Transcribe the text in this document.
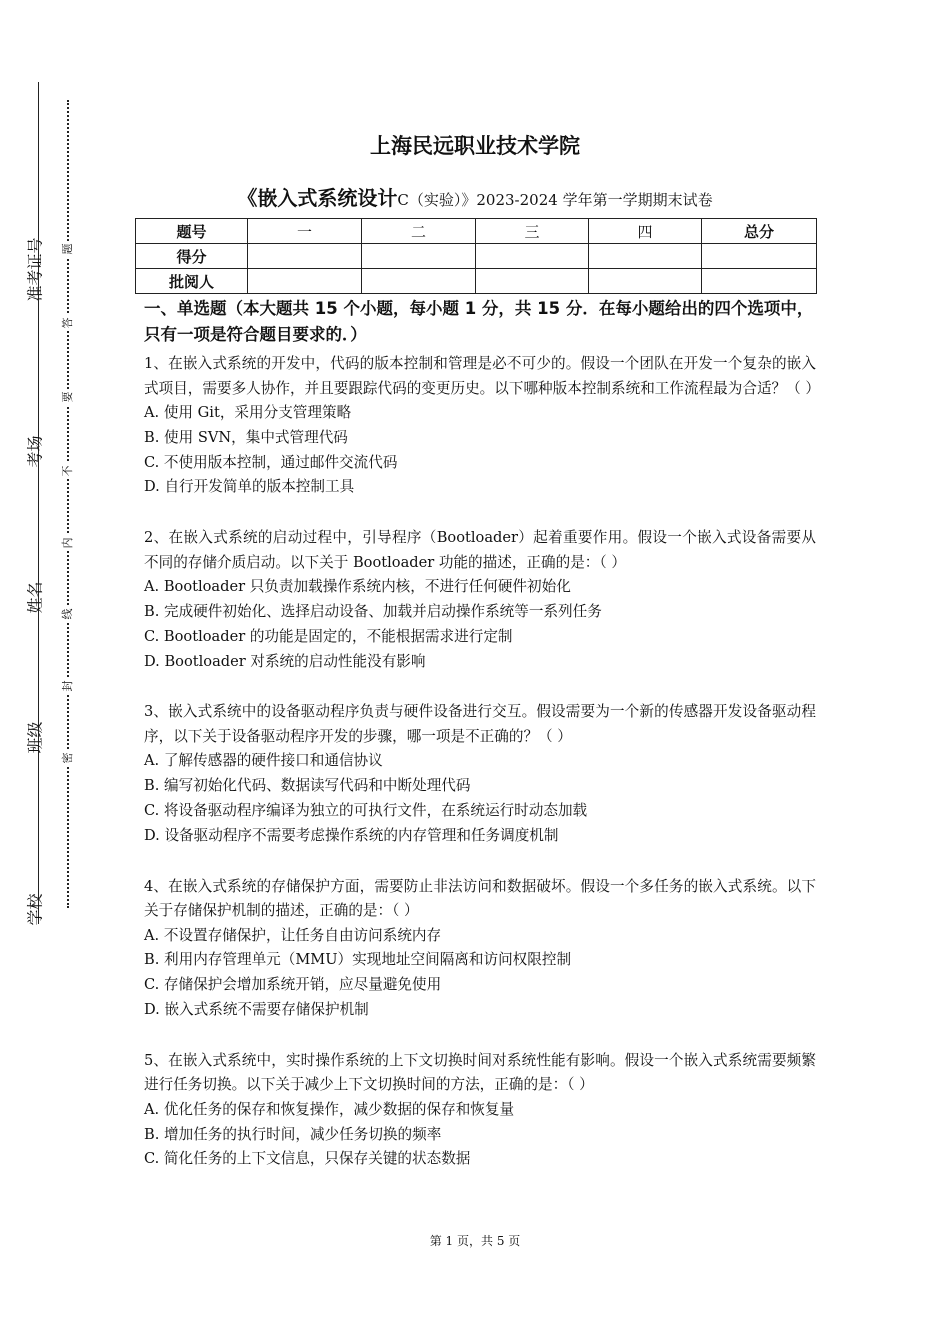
准考证号
考场
姓名
班级
学校
题
答
要
不
内
线
封
密
上海民远职业技术学院
《嵌入式系统设计C（实验）》2023-2024 学年第一学期期末试卷
题号	一	二	三	四	总分
得分					
批阅人					

一、单选题（本大题共 15 个小题，每小题 1 分，共 15 分．在每小题给出的四个选项中，只有一项是符合题目要求的．）

1、在嵌入式系统的开发中，代码的版本控制和管理是必不可少的。假设一个团队在开发一个复杂的嵌入式项目，需要多人协作，并且要跟踪代码的变更历史。以下哪种版本控制系统和工作流程最为合适？（ ）

A. 使用 Git，采用分支管理策略

B. 使用 SVN，集中式管理代码

C. 不使用版本控制，通过邮件交流代码

D. 自行开发简单的版本控制工具

2、在嵌入式系统的启动过程中，引导程序（Bootloader）起着重要作用。假设一个嵌入式设备需要从不同的存储介质启动。以下关于 Bootloader 功能的描述，正确的是：（ ）

A. Bootloader 只负责加载操作系统内核，不进行任何硬件初始化

B. 完成硬件初始化、选择启动设备、加载并启动操作系统等一系列任务

C. Bootloader 的功能是固定的，不能根据需求进行定制

D. Bootloader 对系统的启动性能没有影响

3、嵌入式系统中的设备驱动程序负责与硬件设备进行交互。假设需要为一个新的传感器开发设备驱动程序，以下关于设备驱动程序开发的步骤，哪一项是不正确的？（ ）

A. 了解传感器的硬件接口和通信协议

B. 编写初始化代码、数据读写代码和中断处理代码

C. 将设备驱动程序编译为独立的可执行文件，在系统运行时动态加载

D. 设备驱动程序不需要考虑操作系统的内存管理和任务调度机制

4、在嵌入式系统的存储保护方面，需要防止非法访问和数据破坏。假设一个多任务的嵌入式系统。以下关于存储保护机制的描述，正确的是：（ ）

A. 不设置存储保护，让任务自由访问系统内存

B. 利用内存管理单元（MMU）实现地址空间隔离和访问权限控制

C. 存储保护会增加系统开销，应尽量避免使用

D. 嵌入式系统不需要存储保护机制

5、在嵌入式系统中，实时操作系统的上下文切换时间对系统性能有影响。假设一个嵌入式系统需要频繁进行任务切换。以下关于减少上下文切换时间的方法，正确的是：（ ）

A. 优化任务的保存和恢复操作，减少数据的保存和恢复量

B. 增加任务的执行时间，减少任务切换的频率

C. 简化任务的上下文信息，只保存关键的状态数据

第 1 页，共 5 页
